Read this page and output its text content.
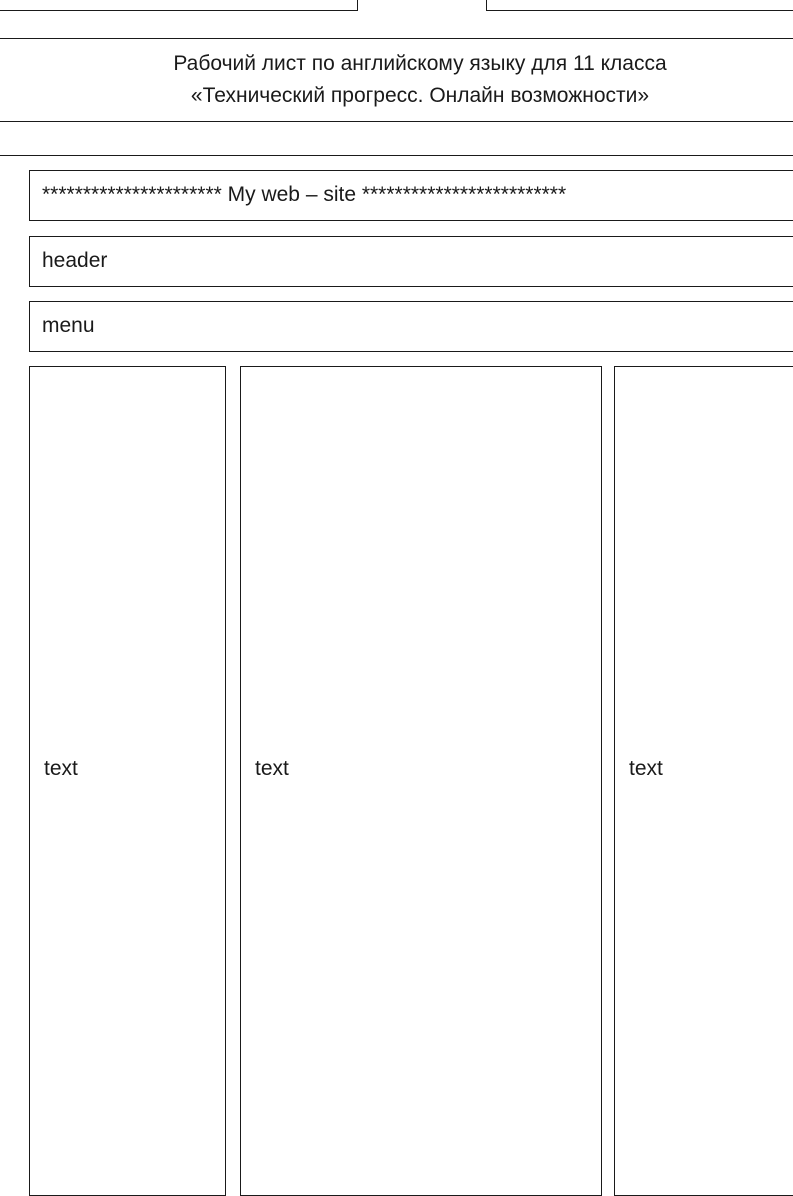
Рабочий лист по английскому языку для 11 класса
«Технический прогресс. Онлайн возможности»
********************** My web – site *************************
header
menu
text	text	text
